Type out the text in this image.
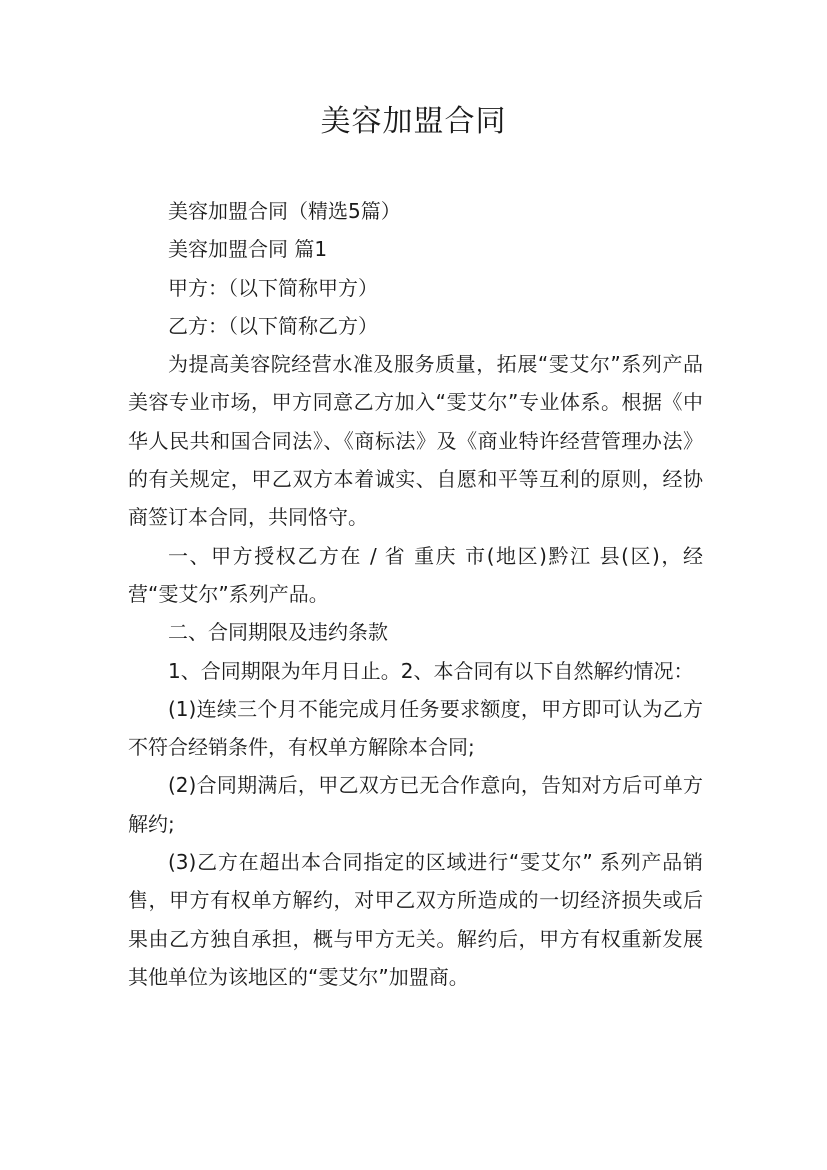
美容加盟合同

美容加盟合同（精选5篇）

美容加盟合同 篇1

甲方：（以下简称甲方）

乙方：（以下简称乙方）

为提高美容院经营水准及服务质量，拓展“雯艾尔”系列产品美容专业市场，甲方同意乙方加入“雯艾尔”专业体系。根据《中华人民共和国合同法》、《商标法》及《商业特许经营管理办法》的有关规定，甲乙双方本着诚实、自愿和平等互利的原则，经协商签订本合同，共同恪守。

一、甲方授权乙方在 / 省 重庆 市(地区)黔江 县(区)，经营“雯艾尔”系列产品。

二、合同期限及违约条款

1、合同期限为年月日止。2、本合同有以下自然解约情况：

(1)连续三个月不能完成月任务要求额度，甲方即可认为乙方不符合经销条件，有权单方解除本合同;

(2)合同期满后，甲乙双方已无合作意向，告知对方后可单方解约;

(3)乙方在超出本合同指定的区域进行“雯艾尔” 系列产品销售，甲方有权单方解约，对甲乙双方所造成的一切经济损失或后果由乙方独自承担，概与甲方无关。解约后，甲方有权重新发展其他单位为该地区的“雯艾尔”加盟商。
